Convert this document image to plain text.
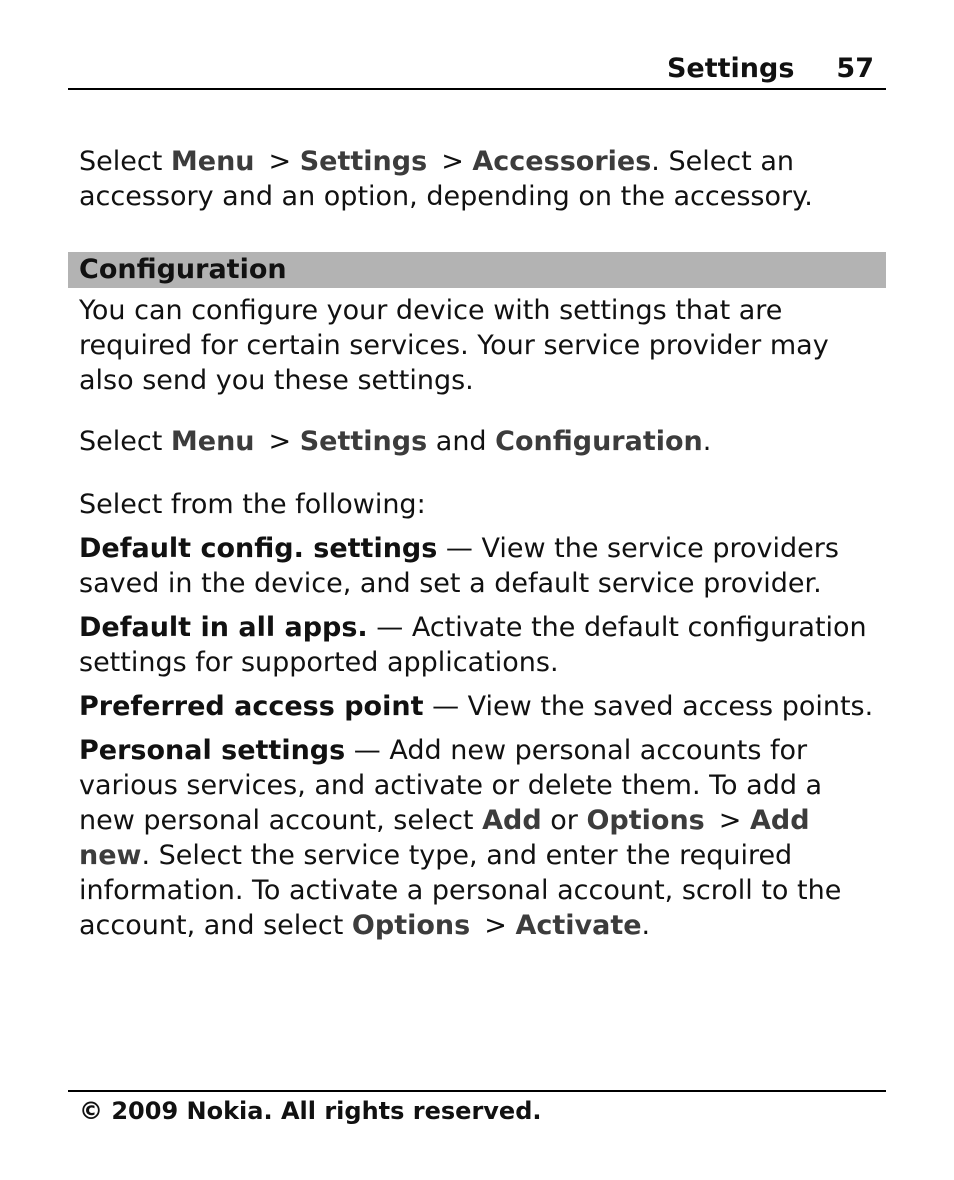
Settings 57

Select Menu > Settings > Accessories. Select an accessory and an option, depending on the accessory.

Configuration

You can configure your device with settings that are required for certain services. Your service provider may also send you these settings.

Select Menu > Settings and Configuration.

Select from the following:

Default config. settings — View the service providers saved in the device, and set a default service provider.

Default in all apps. — Activate the default configuration settings for supported applications.

Preferred access point — View the saved access points.

Personal settings — Add new personal accounts for various services, and activate or delete them. To add a new personal account, select Add or Options > Add new. Select the service type, and enter the required information. To activate a personal account, scroll to the account, and select Options > Activate.

© 2009 Nokia. All rights reserved.
